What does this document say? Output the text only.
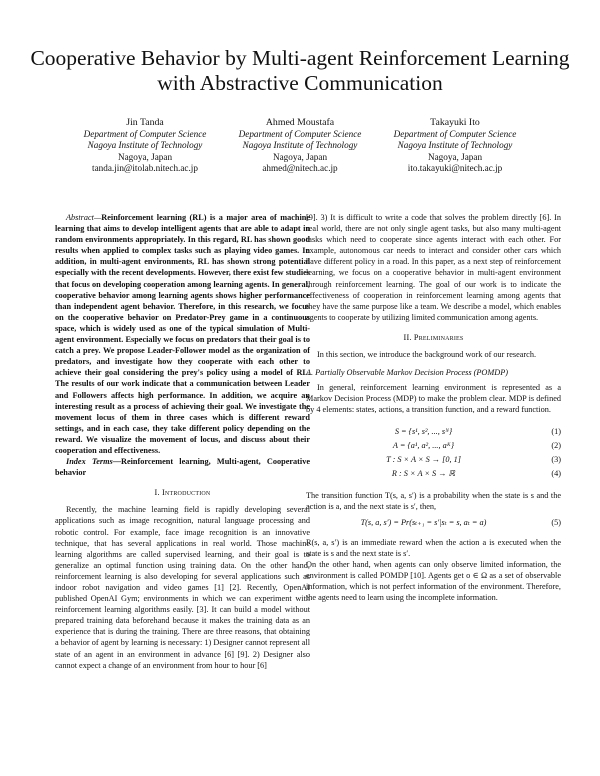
Cooperative Behavior by Multi-agent Reinforcement Learning with Abstractive Communication
Jin Tanda
Department of Computer Science
Nagoya Institute of Technology
Nagoya, Japan
tanda.jin@itolab.nitech.ac.jp
Ahmed Moustafa
Department of Computer Science
Nagoya Institute of Technology
Nagoya, Japan
ahmed@nitech.ac.jp
Takayuki Ito
Department of Computer Science
Nagoya Institute of Technology
Nagoya, Japan
ito.takayuki@nitech.ac.jp

Abstract—Reinforcement learning (RL) is a major area of machine learning that aims to develop intelligent agents that are able to adapt in random environments appropriately. In this regard, RL has shown good results when applied to complex tasks such as playing video games. In addition, in multi-agent environments, RL has shown strong potential especially with the recent developments. However, there exist few studies that focus on developing cooperation among learning agents. In general, cooperative behavior among learning agents shows higher performance than independent agent behavior. Therefore, in this research, we focus on the cooperative behavior on Predator-Prey game in a continuous space, which is widely used as one of the typical simulation of Multi-agent environment. Especially we focus on predators that their goal is to catch a prey. We propose Leader-Follower model as the organization of predators, and investigate how they cooperate with each other to achieve their goal considering the prey's policy using a model of RL. The results of our work indicate that a communication between Leader and Followers affects high performance. In addition, we acquire an interesting result as a process of achieving their goal. We investigate the movement locus of them in three cases which is different reward settings, and in each case, they take different policy depending on the reward. We visualize the movement of locus, and discuss about their cooperation and effectiveness.

Index Terms—Reinforcement learning, Multi-agent, Cooperative behavior

I. Introduction

Recently, the machine learning field is rapidly developing several applications such as image recognition, natural language processing and robotic control. For example, face image recognition is an innovative technique, that has several applications in real world. Those machine learning algorithms are called supervised learning, and their goal is to generalize an optimal function using training data. On the other hand, reinforcement learning is also developing for several applications such as indoor robot navigation and video games [1] [2]. Recently, OpenAI published OpenAI Gym; environments in which we can experiment with reinforcement learning algorithms easily. [3]. It can build a model without prepared training data beforehand because it makes the training data as an experience that is during the training. There are three reasons, that obtaining a behavior of agent by learning is necessary: 1) Designer cannot represent all state of an agent in an environment in advance [6] [9]. 2) Designer also cannot expect a change of an environment from hour to hour [6]

[9]. 3) It is difficult to write a code that solves the problem directly [6]. In real world, there are not only single agent tasks, but also many multi-agent tasks which need to cooperate since agents interact with each other. For example, autonomous car needs to interact and consider other cars which have different policy in a road. In this paper, as a next step of reinforcement learning, we focus on a cooperative behavior in multi-agent environment through reinforcement learning. The goal of our work is to indicate the effectiveness of cooperation in reinforcement learning among agents that they have the same purpose like a team. We describe a model, which enables agents to cooperate by utilizing limited communication among agents.

II. Preliminaries

In this section, we introduce the background work of our research.

A. Partially Observable Markov Decision Process (POMDP)

In general, reinforcement learning environment is represented as a Markov Decision Process (MDP) to make the problem clear. MDP is defined by 4 elements: states, actions, a transition function, and a reward function.

S = {s¹, s², ..., sᴺ}	(1)
A = {a¹, a², ..., aᴷ}	(2)
T : S × A × S → [0, 1]	(3)
R : S × A × S → ℝ	(4)

The transition function T(s, a, s′) is a probability when the state is s and the action is a, and the next state is s′, then,

T(s, a, s′) = Pr(sₜ₊₁ = s′|sₜ = s, aₜ = a)	(5)

R(s, a, s′) is an immediate reward when the action a is executed when the state is s and the next state is s′.

On the other hand, when agents can only observe limited information, the environment is called POMDP [10]. Agents get o ∈ Ω as a set of observable information, which is not perfect information of the environment. Therefore, the agents need to learn using the incomplete information.
